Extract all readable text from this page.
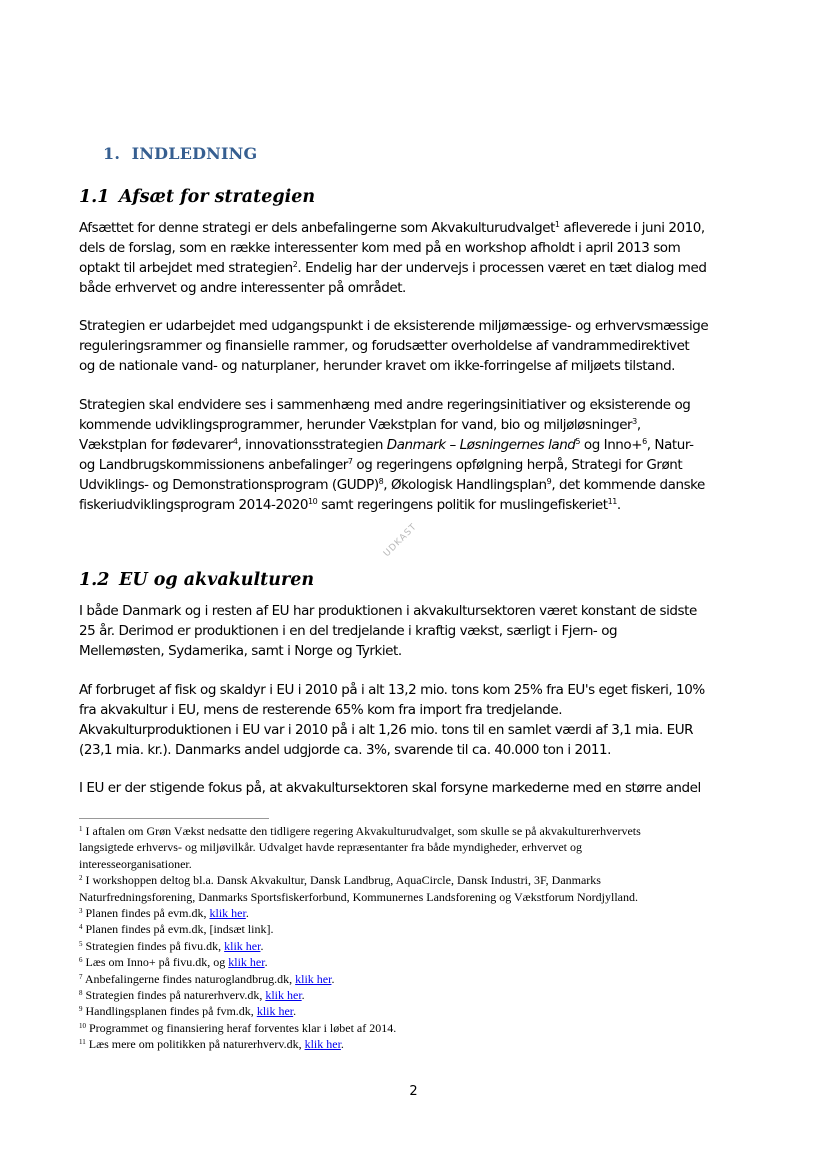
1. INDLEDNING
1.1 Afsæt for strategien

Afsættet for denne strategi er dels anbefalingerne som Akvakulturudvalget$^1$ afleverede i juni 2010,
dels de forslag, som en række interessenter kom med på en workshop afholdt i april 2013 som
optakt til arbejdet med strategien$^2$. Endelig har der undervejs i processen været en tæt dialog med
både erhvervet og andre interessenter på området.

Strategien er udarbejdet med udgangspunkt i de eksisterende miljømæssige- og erhvervsmæssige
reguleringsrammer og finansielle rammer, og forudsætter overholdelse af vandrammedirektivet
og de nationale vand- og naturplaner, herunder kravet om ikke-forringelse af miljøets tilstand.

Strategien skal endvidere ses i sammenhæng med andre regeringsinitiativer og eksisterende og
kommende udviklingsprogrammer, herunder Vækstplan for vand, bio og miljøløsninger$^3$,
Vækstplan for fødevarer$^4$, innovationsstrategien Danmark – Løsningernes land$^5$ og Inno+$^6$, Natur-
og Landbrugskommissionens anbefalinger$^7$ og regeringens opfølgning herpå, Strategi for Grønt
Udviklings- og Demonstrationsprogram (GUDP)$^8$, Økologisk Handlingsplan$^9$, det kommende danske
fiskeriudviklingsprogram 2014-2020$^{10}$ samt regeringens politik for muslingefiskeriet$^{11}$.

UDKAST
1.2 EU og akvakulturen

I både Danmark og i resten af EU har produktionen i akvakultursektoren været konstant de sidste
25 år. Derimod er produktionen i en del tredjelande i kraftig vækst, særligt i Fjern- og
Mellemøsten, Sydamerika, samt i Norge og Tyrkiet.

Af forbruget af fisk og skaldyr i EU i 2010 på i alt 13,2 mio. tons kom 25% fra EU's eget fiskeri, 10%
fra akvakultur i EU, mens de resterende 65% kom fra import fra tredjelande.
Akvakulturproduktionen i EU var i 2010 på i alt 1,26 mio. tons til en samlet værdi af 3,1 mia. EUR
(23,1 mia. kr.). Danmarks andel udgjorde ca. 3%, svarende til ca. 40.000 ton i 2011.

I EU er der stigende fokus på, at akvakultursektoren skal forsyne markederne med en større andel

$^1$ I aftalen om Grøn Vækst nedsatte den tidligere regering Akvakulturudvalget, som skulle se på akvakulturerhvervets
langsigtede erhvervs- og miljøvilkår. Udvalget havde repræsentanter fra både myndigheder, erhvervet og
interesseorganisationer.
$^2$ I workshoppen deltog bl.a. Dansk Akvakultur, Dansk Landbrug, AquaCircle, Dansk Industri, 3F, Danmarks
Naturfredningsforening, Danmarks Sportsfiskerforbund, Kommunernes Landsforening og Vækstforum Nordjylland.
$^3$ Planen findes på evm.dk, klik her.
$^4$ Planen findes på evm.dk, [indsæt link].
$^5$ Strategien findes på fivu.dk, klik her.
$^6$ Læs om Inno+ på fivu.dk, og klik her.
$^7$ Anbefalingerne findes naturoglandbrug.dk, klik her.
$^8$ Strategien findes på naturerhverv.dk, klik her.
$^9$ Handlingsplanen findes på fvm.dk, klik her.
$^{10}$ Programmet og finansiering heraf forventes klar i løbet af 2014.
$^{11}$ Læs mere om politikken på naturerhverv.dk, klik her.
2
